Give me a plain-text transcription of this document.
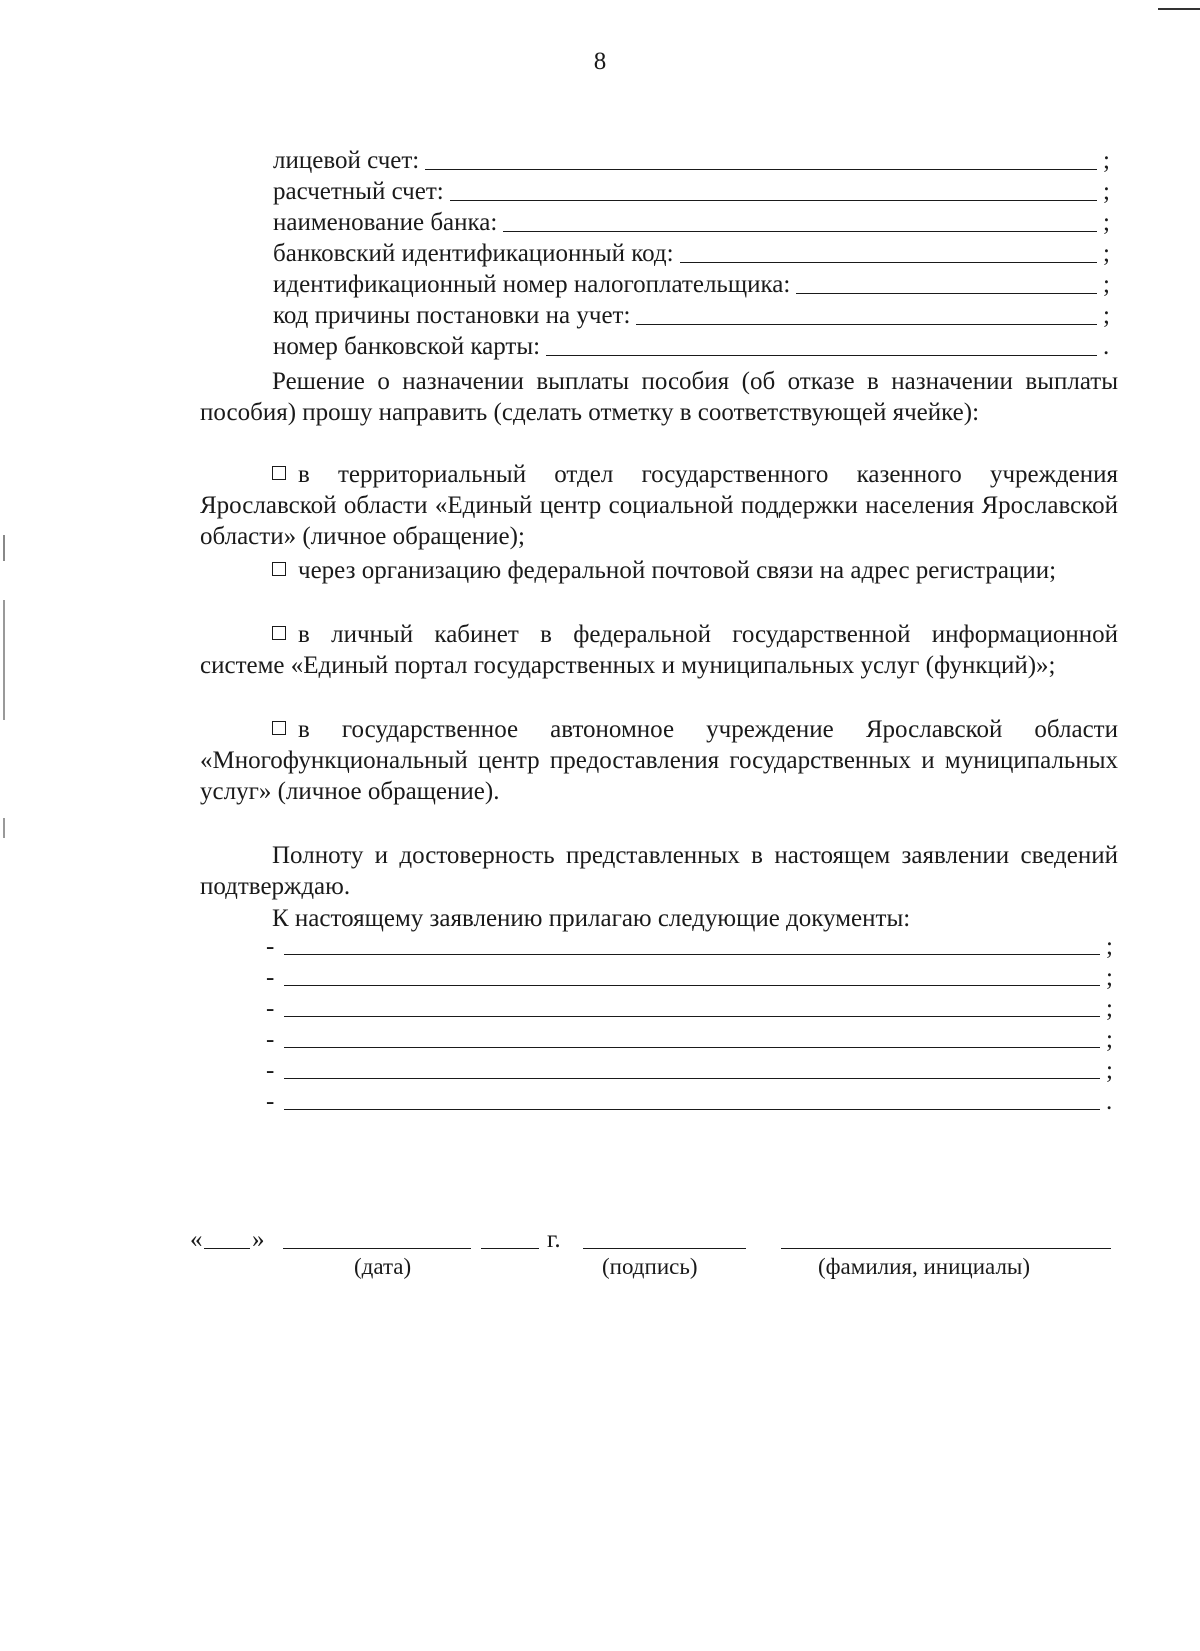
8
лицевой счет:	;
расчетный счет:	;
наименование банка:	;
банковский идентификационный код:	;
идентификационный номер налогоплательщика:	;
код причины постановки на учет:	;
номер банковской карты:	.
Решение о назначении выплаты пособия (об отказе в назначении выплаты пособия) прошу направить (сделать отметку в соответствующей ячейке):
в территориальный отдел государственного казенного учреждения Ярославской области «Единый центр социальной поддержки населения Ярославской области» (личное обращение);
через организацию федеральной почтовой связи на адрес регистрации;
в личный кабинет в федеральной государственной информационной системе «Единый портал государственных и муниципальных услуг (функций)»;
в государственное автономное учреждение Ярославской области «Многофункциональный центр предоставления государственных и муниципальных услуг» (личное обращение).
Полноту и достоверность представленных в настоящем заявлении сведений подтверждаю.
К настоящему заявлению прилагаю следующие документы:
-	;
-	;
-	;
-	;
-	;
-	.
« »	г.
(дата)	(подпись)	(фамилия, инициалы)
